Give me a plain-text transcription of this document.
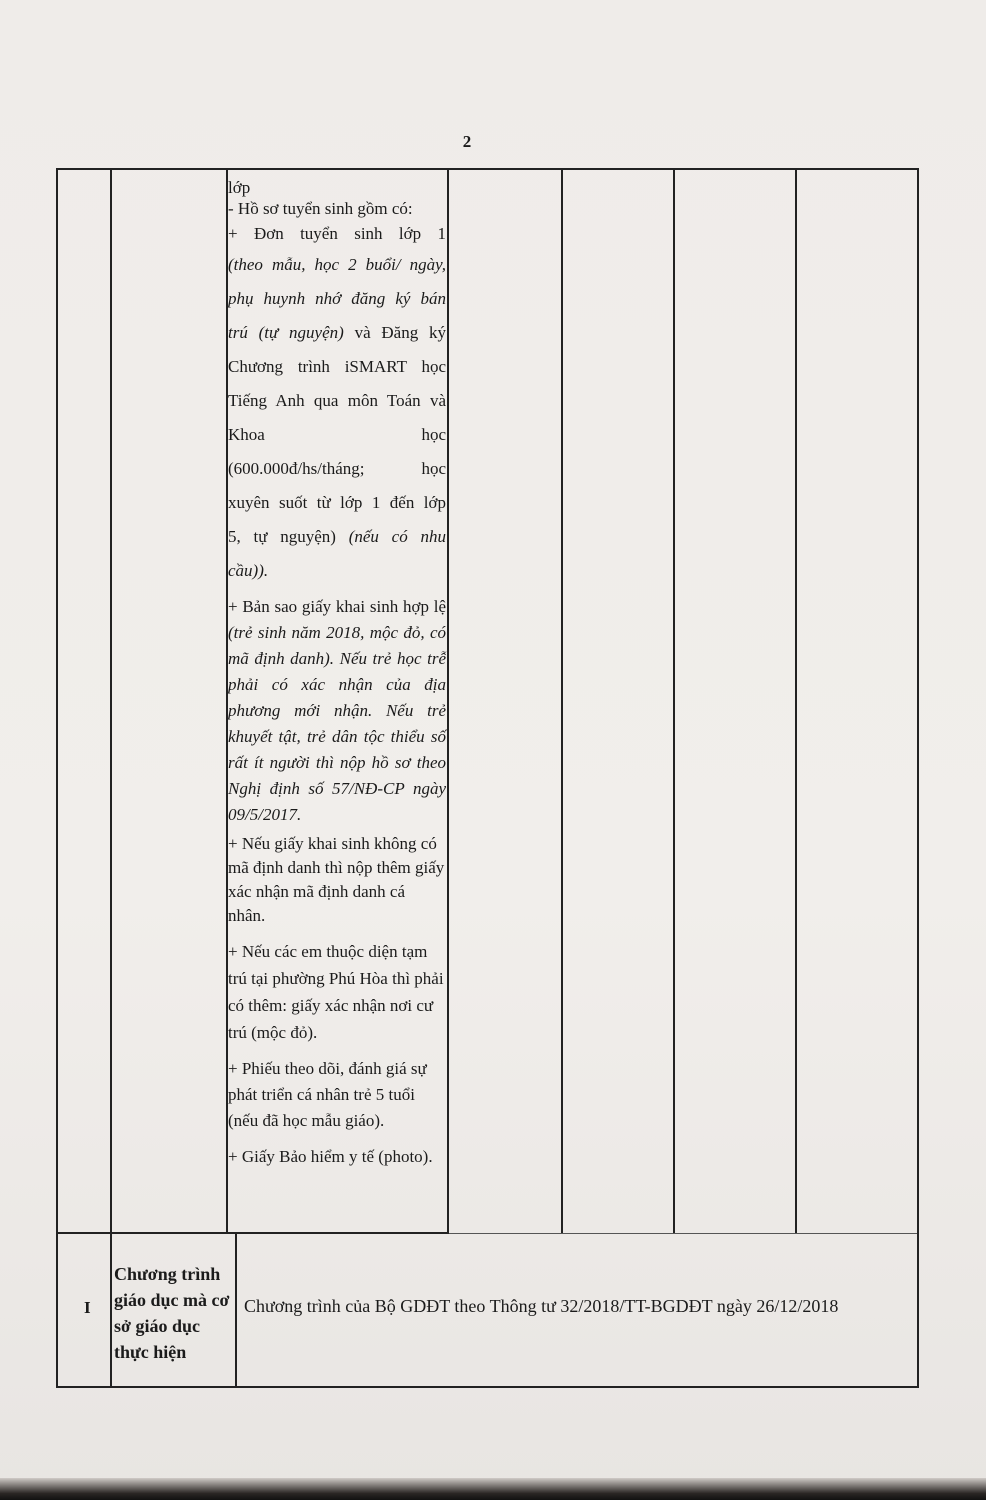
2

lớp

- Hồ sơ tuyển sinh gồm có:

+ Đơn tuyển sinh lớp 1

(theo mẫu, học 2 buổi/ ngày,

phụ huynh nhớ đăng ký bán

trú (tự nguyện) và Đăng ký

Chương trình iSMART học

Tiếng Anh qua môn Toán và

Khoa học

(600.000đ/hs/tháng; học

xuyên suốt từ lớp 1 đến lớp

5, tự nguyện) (nếu có nhu

cầu)).

+ Bản sao giấy khai sinh hợp lệ (trẻ sinh năm 2018, mộc đỏ, có mã định danh). Nếu trẻ học trễ phải có xác nhận của địa phương mới nhận. Nếu trẻ khuyết tật, trẻ dân tộc thiểu số rất ít người thì nộp hồ sơ theo Nghị định số 57/NĐ-CP ngày 09/5/2017.

+ Nếu giấy khai sinh không có mã định danh thì nộp thêm giấy xác nhận mã định danh cá nhân.

+ Nếu các em thuộc diện tạm trú tại phường Phú Hòa thì phải có thêm: giấy xác nhận nơi cư trú (mộc đỏ).

+ Phiếu theo dõi, đánh giá sự phát triển cá nhân trẻ 5 tuổi (nếu đã học mẫu giáo).

+ Giấy Bảo hiểm y tế (photo).

I
Chương trình giáo dục mà cơ sở giáo dục thực hiện
Chương trình của Bộ GDĐT theo Thông tư 32/2018/TT-BGDĐT ngày 26/12/2018
